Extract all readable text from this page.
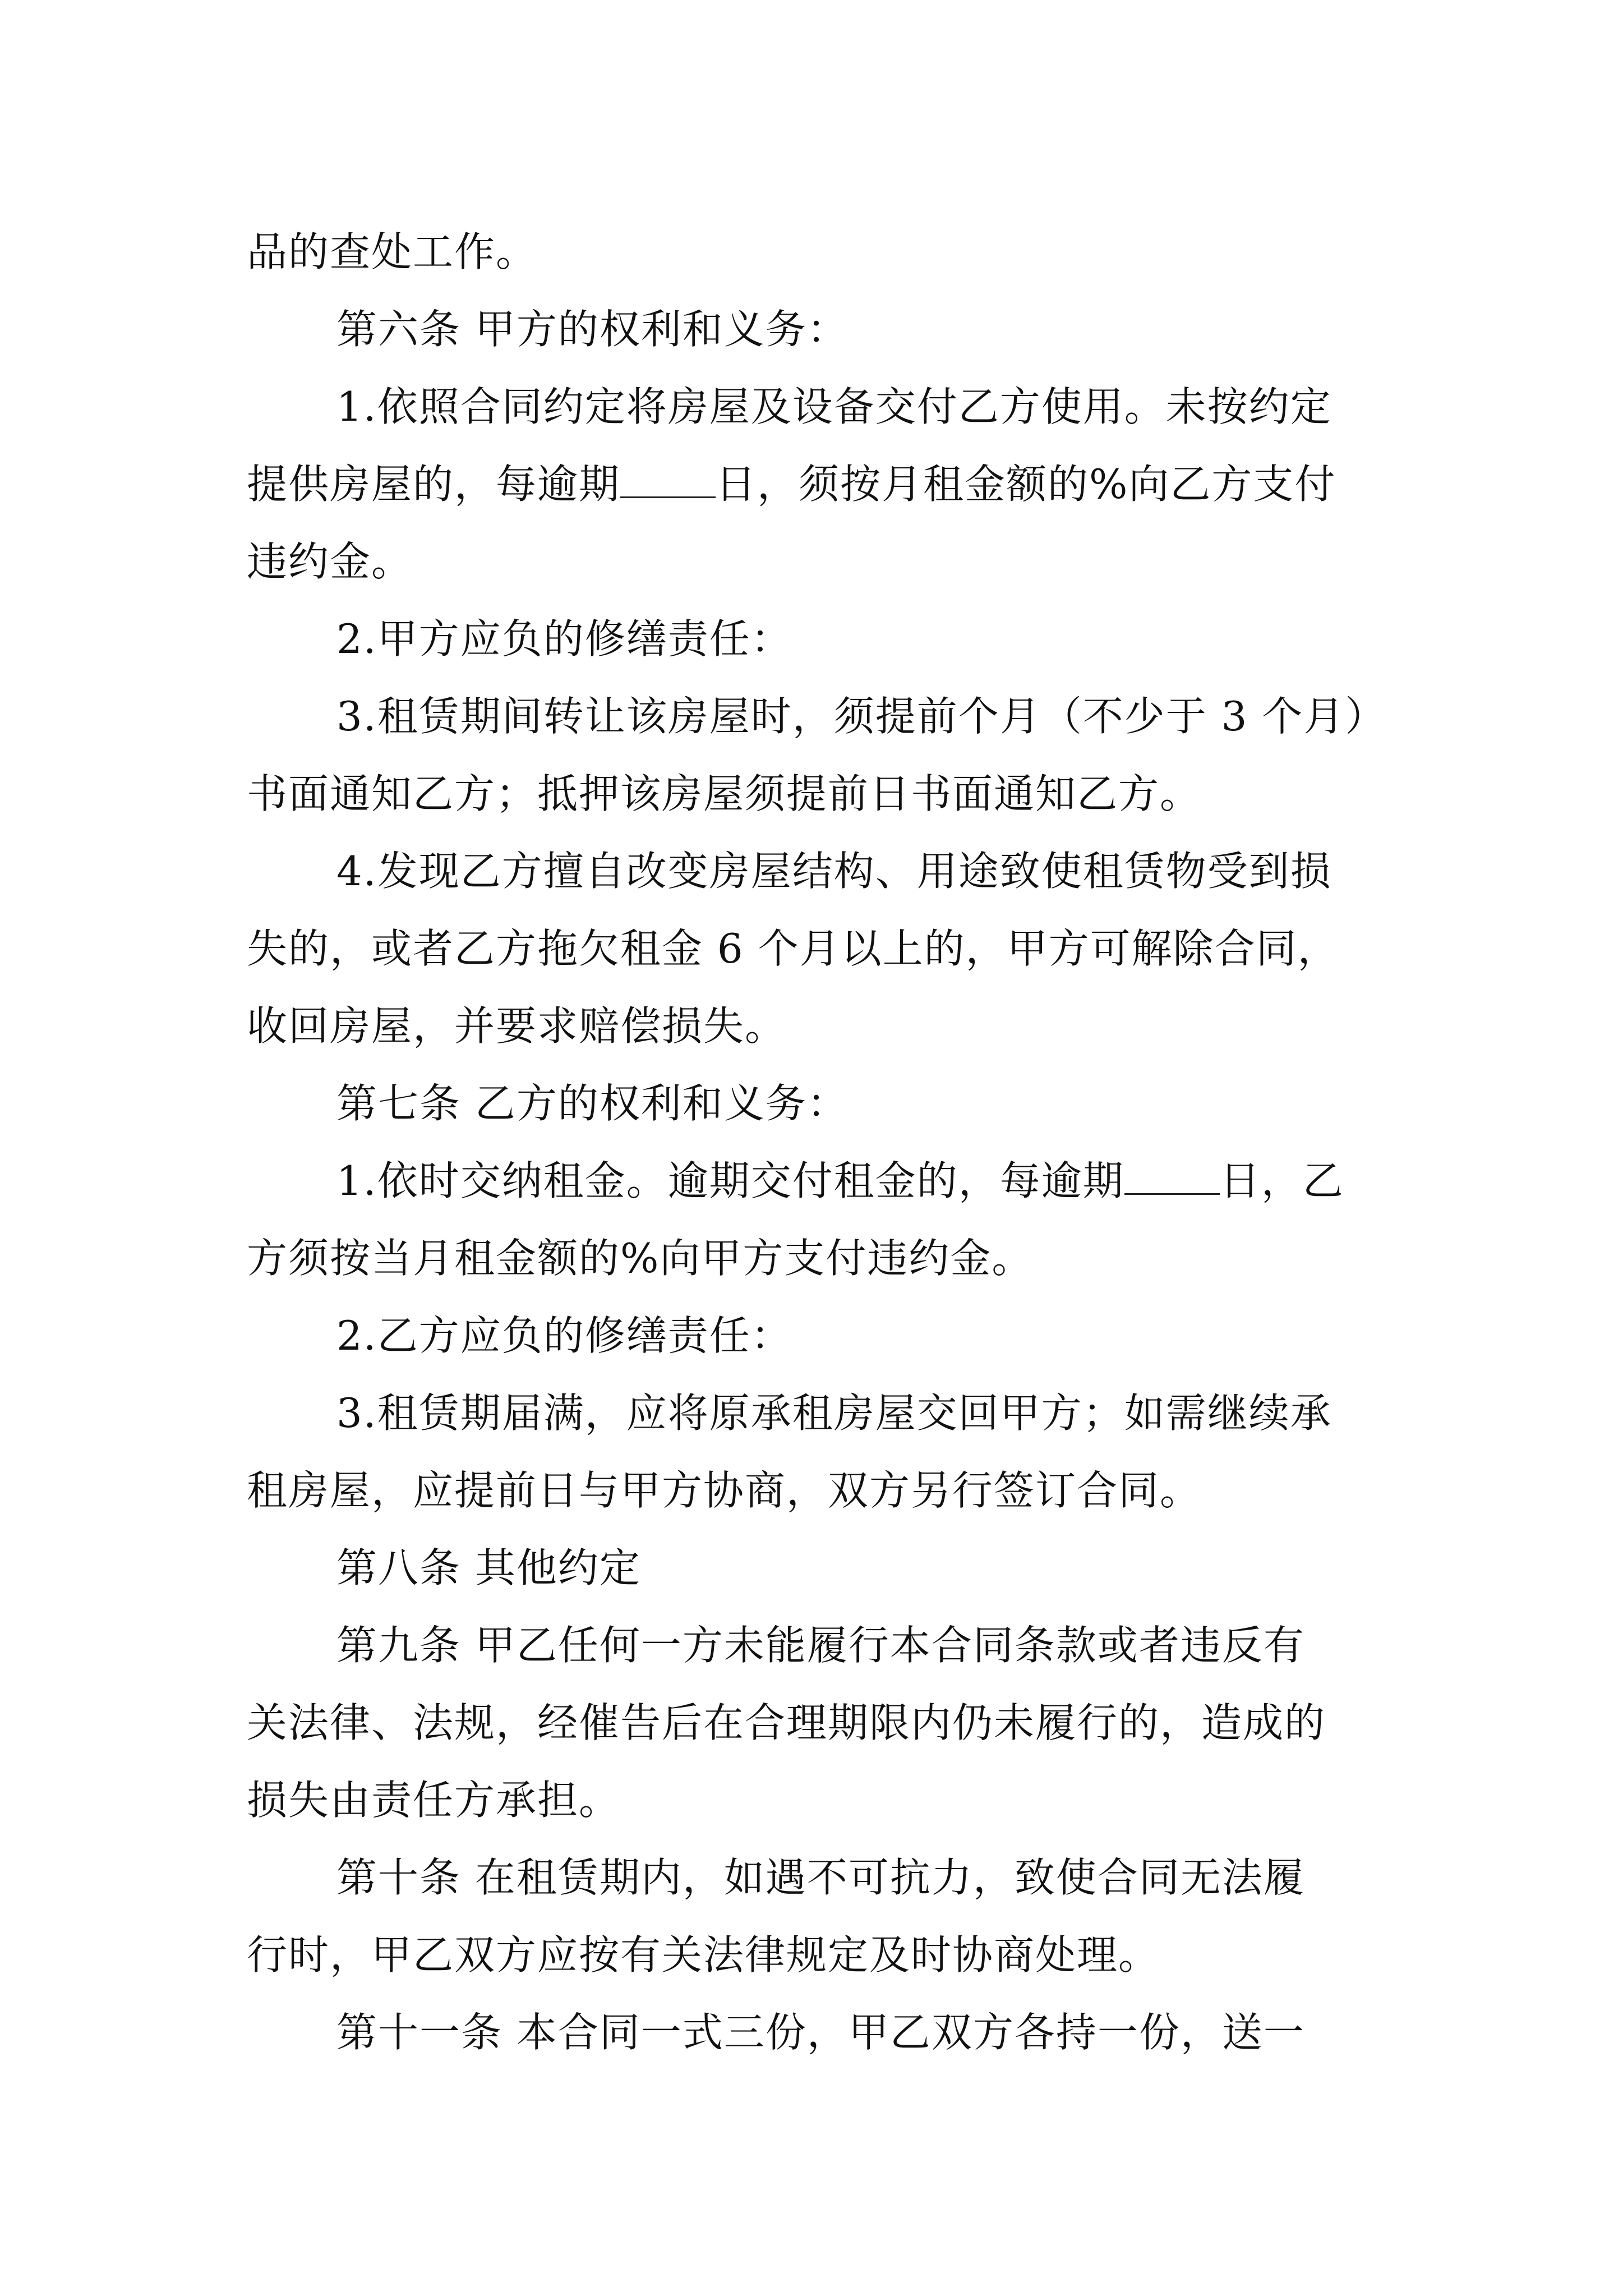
品的查处工作。
第六条 甲方的权利和义务：
1.依照合同约定将房屋及设备交付乙方使用。未按约定
提供房屋的，每逾期 日，须按月租金额的%向乙方支付
违约金。
2.甲方应负的修缮责任：
3.租赁期间转让该房屋时，须提前个月（不少于 3 个月）
书面通知乙方；抵押该房屋须提前日书面通知乙方。
4.发现乙方擅自改变房屋结构、用途致使租赁物受到损
失的，或者乙方拖欠租金 6 个月以上的，甲方可解除合同，
收回房屋，并要求赔偿损失。
第七条 乙方的权利和义务：
1.依时交纳租金。逾期交付租金的，每逾期 日，乙
方须按当月租金额的%向甲方支付违约金。
2.乙方应负的修缮责任：
3.租赁期届满，应将原承租房屋交回甲方；如需继续承
租房屋，应提前日与甲方协商，双方另行签订合同。
第八条 其他约定
第九条 甲乙任何一方未能履行本合同条款或者违反有
关法律、法规，经催告后在合理期限内仍未履行的，造成的
损失由责任方承担。
第十条 在租赁期内，如遇不可抗力，致使合同无法履
行时，甲乙双方应按有关法律规定及时协商处理。
第十一条 本合同一式三份，甲乙双方各持一份，送一
